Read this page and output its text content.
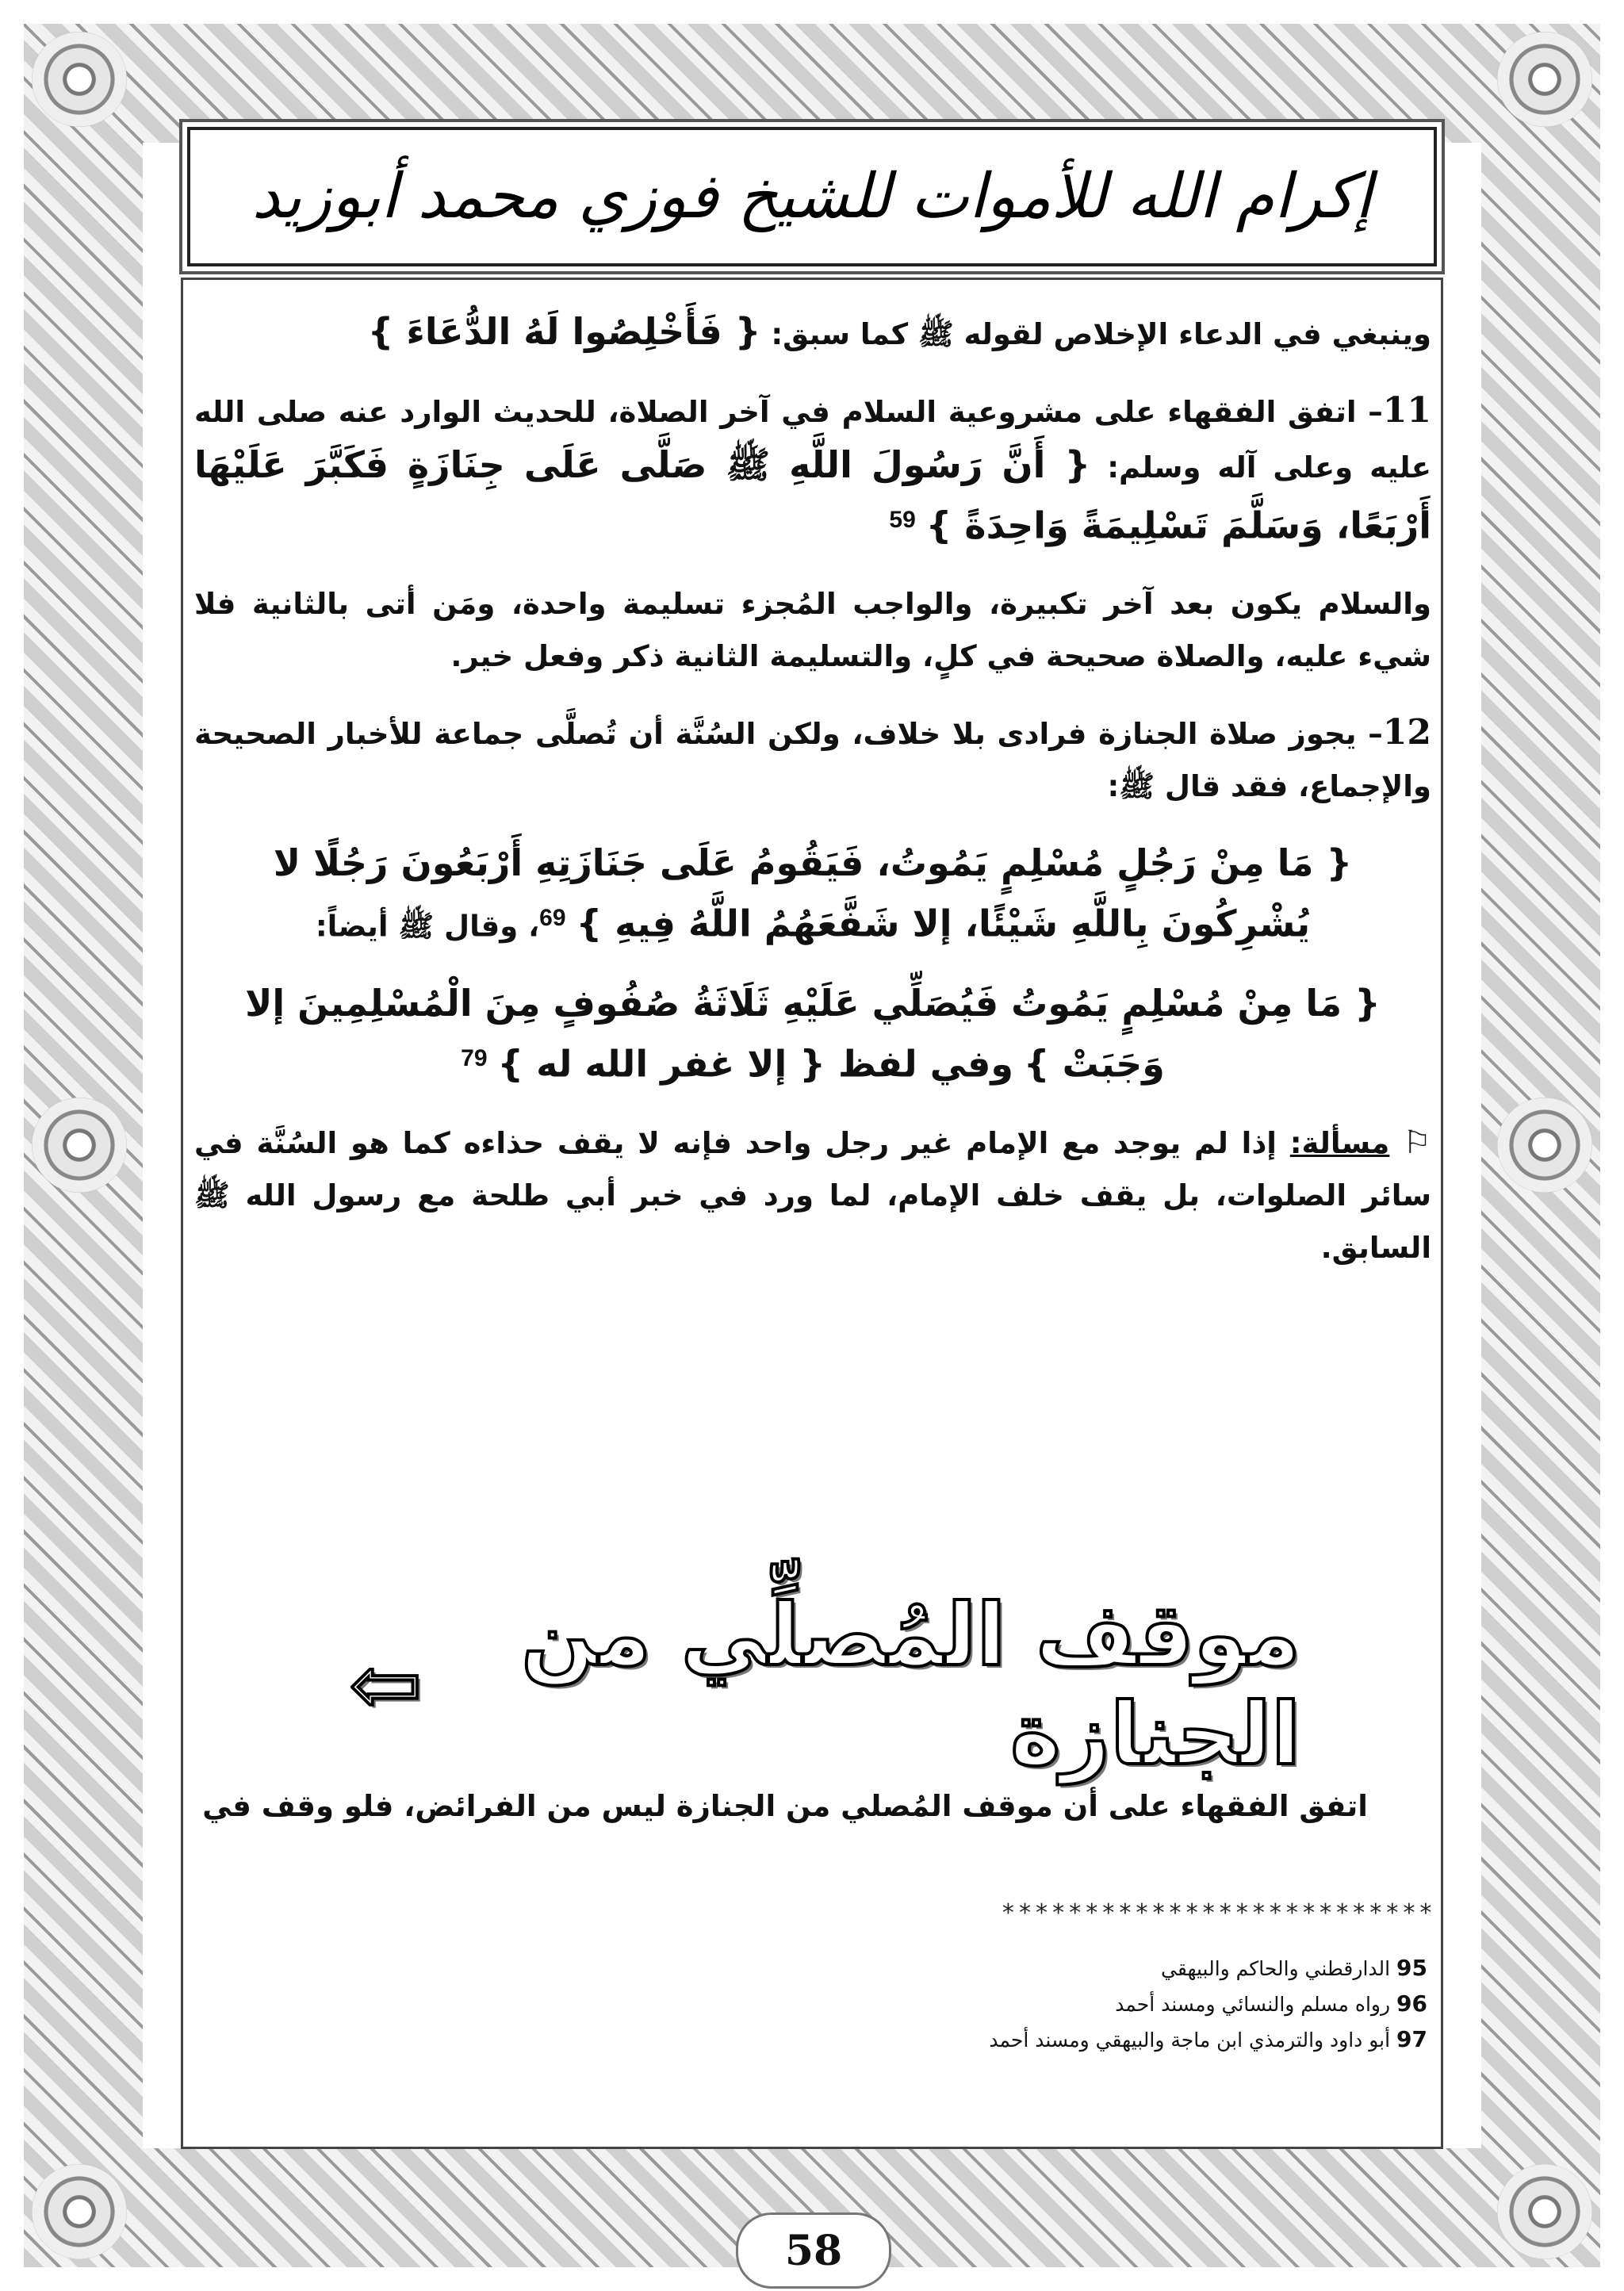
إكرام الله للأموات للشيخ فوزي محمد أبوزيد

وينبغي في الدعاء الإخلاص لقوله ﷺ كما سبق: { فَأَخْلِصُوا لَهُ الدُّعَاءَ }

11– اتفق الفقهاء على مشروعية السلام في آخر الصلاة، للحديث الوارد عنه صلى الله عليه وعلى آله وسلم: { أَنَّ رَسُولَ اللَّهِ ﷺ صَلَّى عَلَى جِنَازَةٍ فَكَبَّرَ عَلَيْهَا أَرْبَعًا، وَسَلَّمَ تَسْلِيمَةً وَاحِدَةً } $^{59}$

والسلام يكون بعد آخر تكبيرة، والواجب المُجزء تسليمة واحدة، ومَن أتى بالثانية فلا شيء عليه، والصلاة صحيحة في كلٍ، والتسليمة الثانية ذكر وفعل خير.

12– يجوز صلاة الجنازة فرادى بلا خلاف، ولكن السُنَّة أن تُصلَّى جماعة للأخبار الصحيحة والإجماع، فقد قال ﷺ:

{ مَا مِنْ رَجُلٍ مُسْلِمٍ يَمُوتُ، فَيَقُومُ عَلَى جَنَازَتِهِ أَرْبَعُونَ رَجُلًا لا يُشْرِكُونَ بِاللَّهِ شَيْئًا، إلا شَفَّعَهُمُ اللَّهُ فِيهِ } $^{69}$، وقال ﷺ أيضاً:

{ مَا مِنْ مُسْلِمٍ يَمُوتُ فَيُصَلِّي عَلَيْهِ ثَلَاثَةُ صُفُوفٍ مِنَ الْمُسْلِمِينَ إلا وَجَبَتْ } وفي لفظ { إلا غفر الله له } $^{79}$

⚐ مسألة: إذا لم يوجد مع الإمام غير رجل واحد فإنه لا يقف حذاءه كما هو السُنَّة في سائر الصلوات، بل يقف خلف الإمام، لما ورد في خبر أبي طلحة مع رسول الله ﷺ السابق.

موقف المُصلِّي من الجنازة
⇦
اتفق الفقهاء على أن موقف المُصلي من الجنازة ليس من الفرائض، فلو وقف في
**************************
95 الدارقطني والحاكم والبيهقي
96 رواه مسلم والنسائي ومسند أحمد
97 أبو داود والترمذي ابن ماجة والبيهقي ومسند أحمد
58
